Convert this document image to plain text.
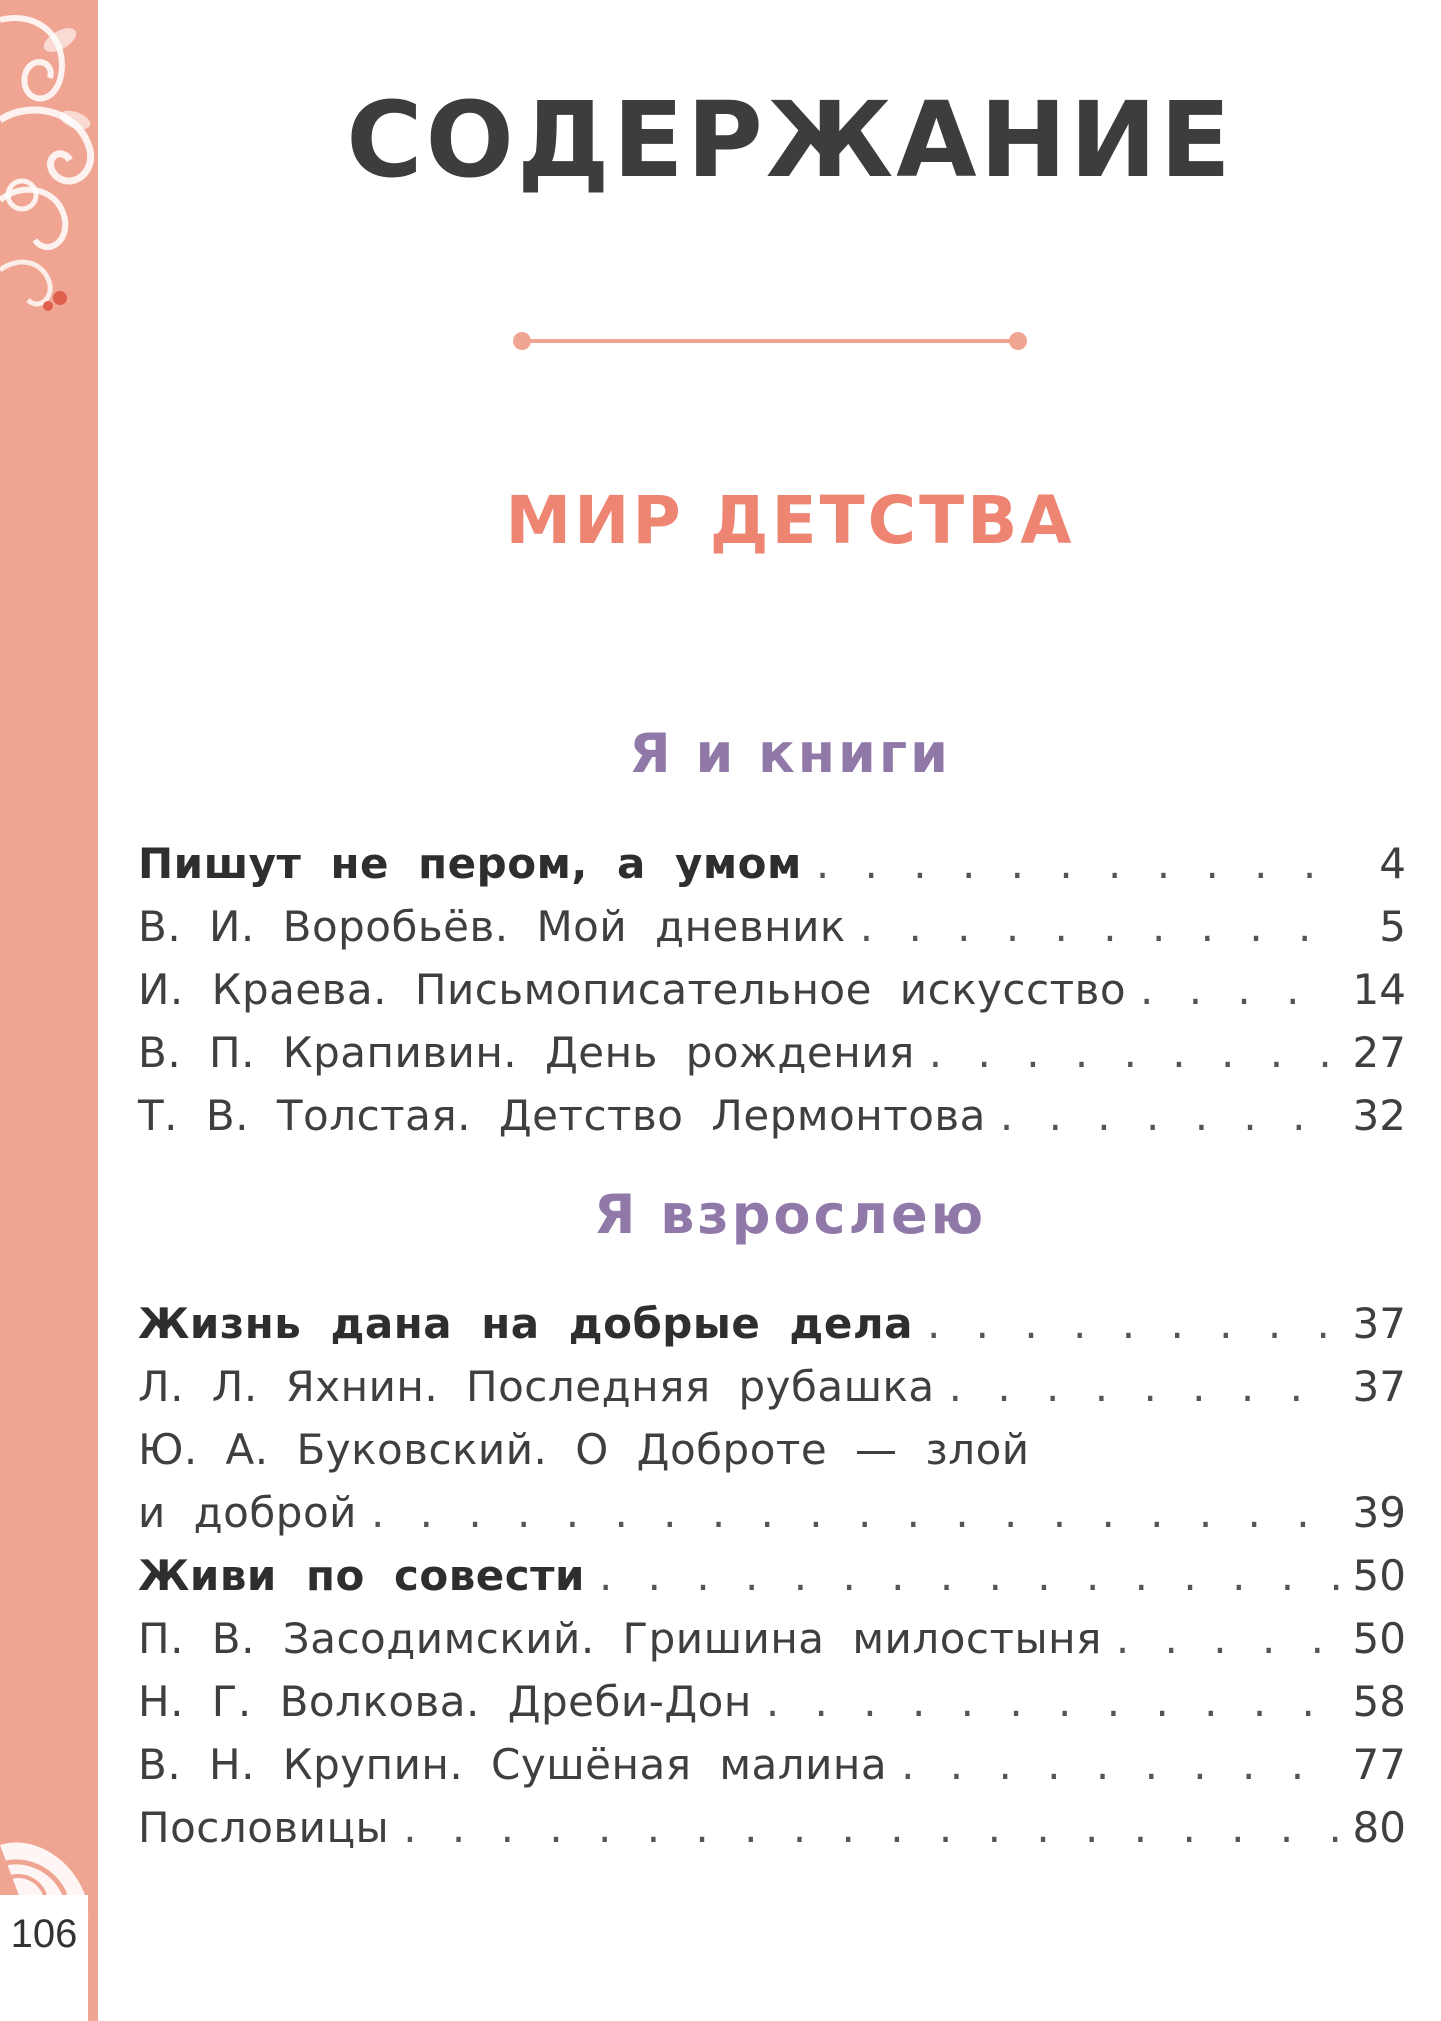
106
СОДЕРЖАНИЕ
МИР ДЕТСТВА
Я и книги
Пишут не пером, а умом . . .	4
В. И. Воробьёв. Мой дневник . . .	5
И. Краева. Письмописательное искусство . . .	14
В. П. Крапивин. День рождения . . .	27
Т. В. Толстая. Детство Лермонтова . . .	32
Я взрослею
Жизнь дана на добрые дела . . .	37
Л. Л. Яхнин. Последняя рубашка . . .	37
Ю. А. Буковский. О Доброте — злой
и доброй . . .	39
Живи по совести . . .	50
П. В. Засодимский. Гришина милостыня . . .	50
Н. Г. Волкова. Дреби-Дон . . .	58
В. Н. Крупин. Сушёная малина . . .	77
Пословицы . . .	80
